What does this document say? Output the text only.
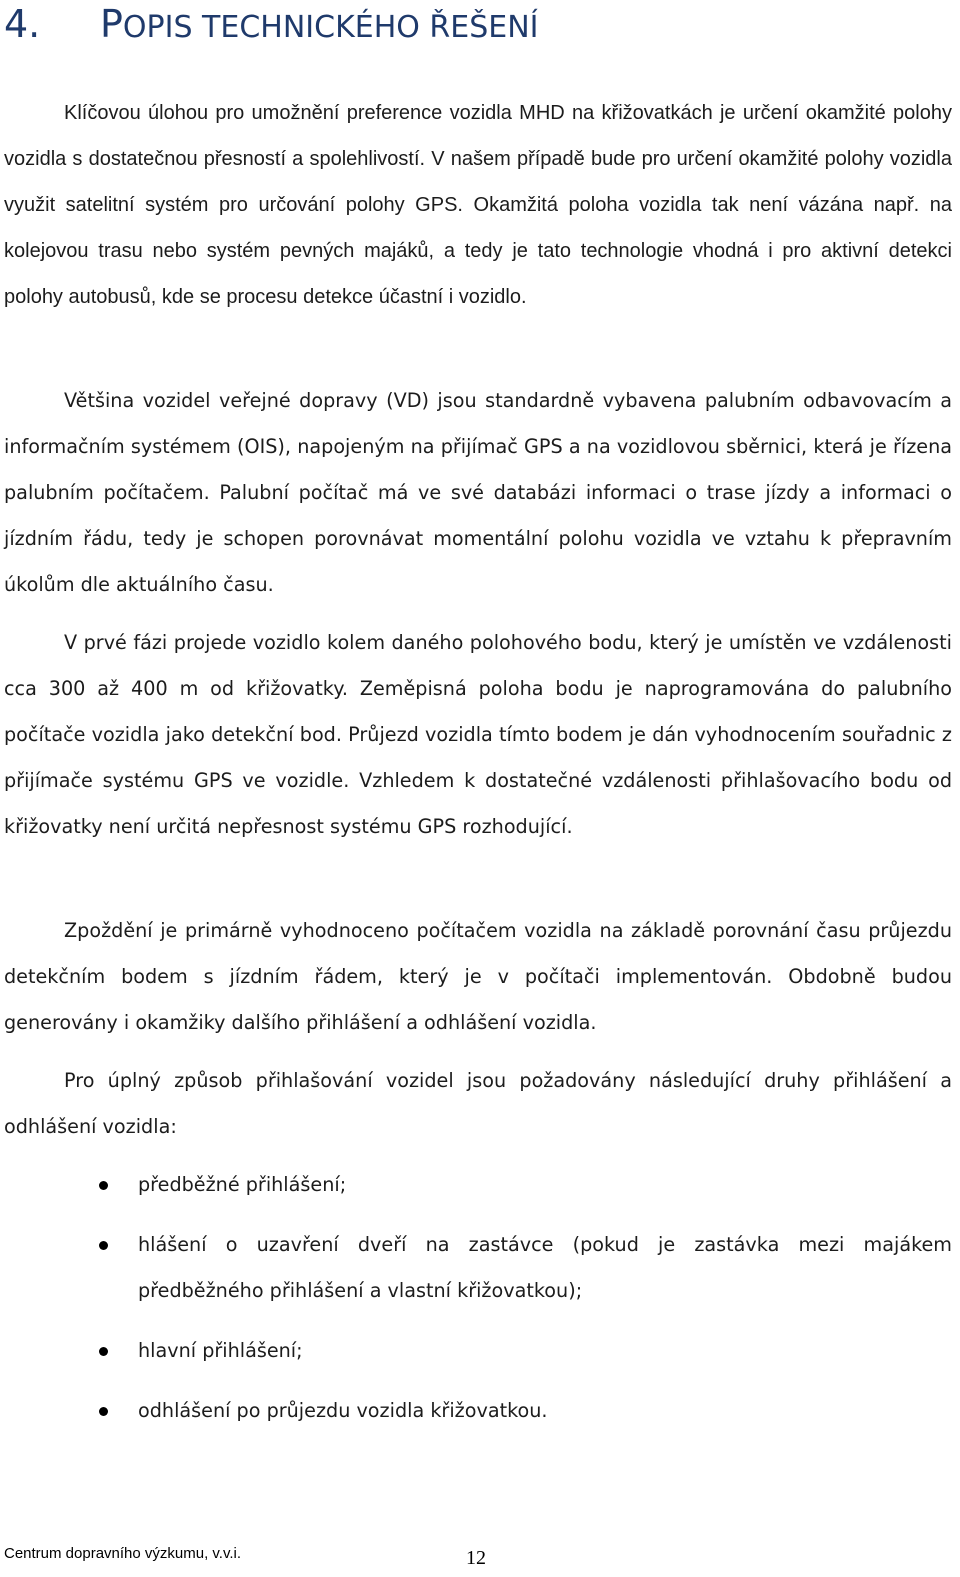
4. POPIS TECHNICKÉHO ŘEŠENÍ

Klíčovou úlohou pro umožnění preference vozidla MHD na křižovatkách je určení okamžité polohy vozidla s dostatečnou přesností a spolehlivostí. V našem případě bude pro určení okamžité polohy vozidla využit satelitní systém pro určování polohy GPS. Okamžitá poloha vozidla tak není vázána např. na kolejovou trasu nebo systém pevných majáků, a tedy je tato technologie vhodná i pro aktivní detekci polohy autobusů, kde se procesu detekce účastní i vozidlo.

Většina vozidel veřejné dopravy (VD) jsou standardně vybavena palubním odbavovacím a informačním systémem (OIS), napojeným na přijímač GPS a na vozidlovou sběrnici, která je řízena palubním počítačem. Palubní počítač má ve své databázi informaci o trase jízdy a informaci o jízdním řádu, tedy je schopen porovnávat momentální polohu vozidla ve vztahu k přepravním úkolům dle aktuálního času.

V prvé fázi projede vozidlo kolem daného polohového bodu, který je umístěn ve vzdálenosti cca 300 až 400 m od křižovatky. Zeměpisná poloha bodu je naprogramována do palubního počítače vozidla jako detekční bod. Průjezd vozidla tímto bodem je dán vyhodnocením souřadnic z přijímače systému GPS ve vozidle. Vzhledem k dostatečné vzdálenosti přihlašovacího bodu od křižovatky není určitá nepřesnost systému GPS rozhodující.

Zpoždění je primárně vyhodnoceno počítačem vozidla na základě porovnání času průjezdu detekčním bodem s jízdním řádem, který je v počítači implementován. Obdobně budou generovány i okamžiky dalšího přihlášení a odhlášení vozidla.

Pro úplný způsob přihlašování vozidel jsou požadovány následující druhy přihlášení a odhlášení vozidla:

předběžné přihlášení;
hlášení o uzavření dveří na zastávce (pokud je zastávka mezi majákem předběžného přihlášení a vlastní křižovatkou);
hlavní přihlášení;
odhlášení po průjezdu vozidla křižovatkou.
Centrum dopravního výzkumu, v.v.i.	12
